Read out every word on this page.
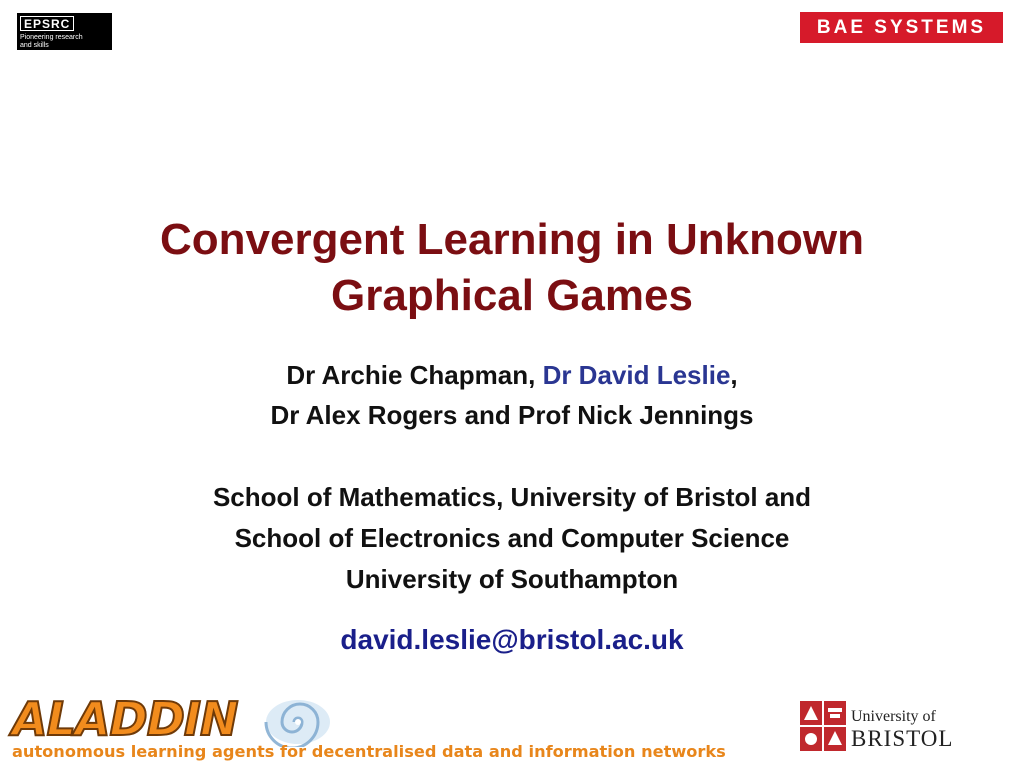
EPSRC
Pioneering research
and skills
BAE SYSTEMS
Convergent Learning in Unknown
Graphical Games
Dr Archie Chapman, Dr David Leslie,
Dr Alex Rogers and Prof Nick Jennings
School of Mathematics, University of Bristol and
School of Electronics and Computer Science
University of Southampton
david.leslie@bristol.ac.uk
ALADDIN
autonomous learning agents for decentralised data and information networks
University of
BRISTOL
